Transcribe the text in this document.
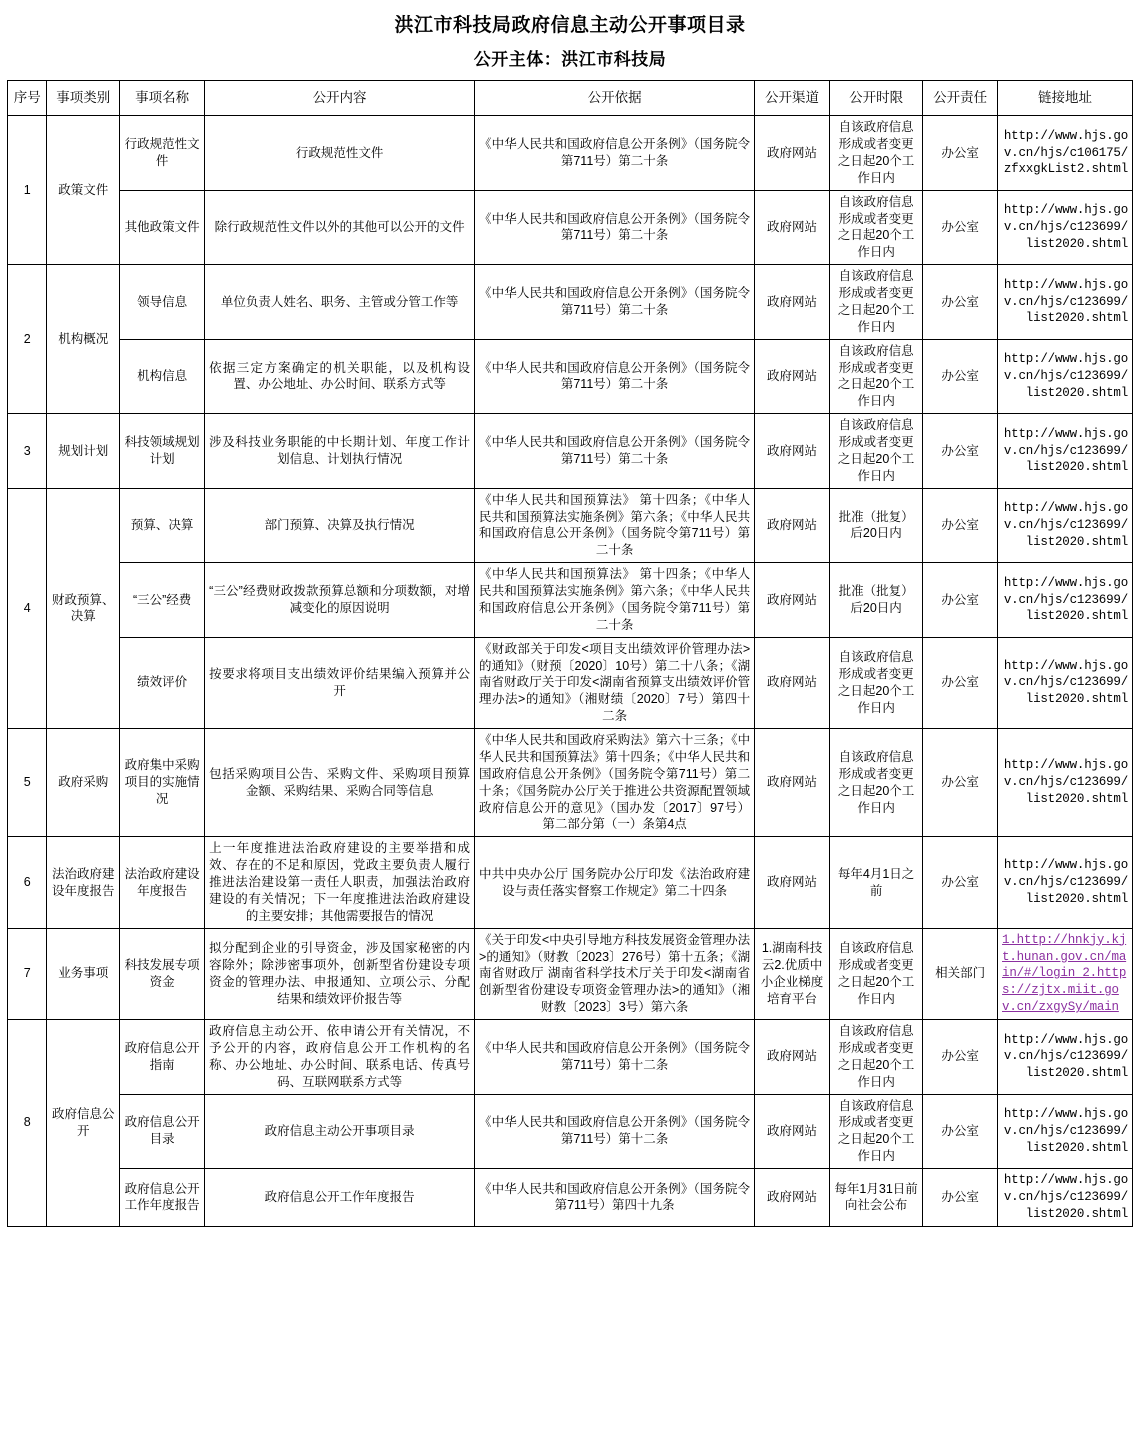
洪江市科技局政府信息主动公开事项目录
公开主体：洪江市科技局
序号	事项类别	事项名称	公开内容	公开依据	公开渠道	公开时限	公开责任	链接地址
1	政策文件	行政规范性文件	行政规范性文件	《中华人民共和国政府信息公开条例》（国务院令第711号）第二十条	政府网站	自该政府信息形成或者变更之日起20个工作日内	办公室	http://www.hjs.gov.cn/hjs/c106175/zfxxgkList2.shtml
		其他政策文件	除行政规范性文件以外的其他可以公开的文件	《中华人民共和国政府信息公开条例》（国务院令第711号）第二十条	政府网站	自该政府信息形成或者变更之日起20个工作日内	办公室	http://www.hjs.gov.cn/hjs/c123699/list2020.shtml
2	机构概况	领导信息	单位负责人姓名、职务、主管或分管工作等	《中华人民共和国政府信息公开条例》（国务院令第711号）第二十条	政府网站	自该政府信息形成或者变更之日起20个工作日内	办公室	http://www.hjs.gov.cn/hjs/c123699/list2020.shtml
		机构信息	依据三定方案确定的机关职能，以及机构设置、办公地址、办公时间、联系方式等	《中华人民共和国政府信息公开条例》（国务院令第711号）第二十条	政府网站	自该政府信息形成或者变更之日起20个工作日内	办公室	http://www.hjs.gov.cn/hjs/c123699/list2020.shtml
3	规划计划	科技领域规划计划	涉及科技业务职能的中长期计划、年度工作计划信息、计划执行情况	《中华人民共和国政府信息公开条例》（国务院令第711号）第二十条	政府网站	自该政府信息形成或者变更之日起20个工作日内	办公室	http://www.hjs.gov.cn/hjs/c123699/list2020.shtml
4	财政预算、决算	预算、决算	部门预算、决算及执行情况	《中华人民共和国预算法》 第十四条；《中华人民共和国预算法实施条例》第六条；《中华人民共和国政府信息公开条例》（国务院令第711号）第二十条	政府网站	批准（批复）后20日内	办公室	http://www.hjs.gov.cn/hjs/c123699/list2020.shtml
		“三公”经费	“三公”经费财政拨款预算总额和分项数额，对增减变化的原因说明	《中华人民共和国预算法》 第十四条；《中华人民共和国预算法实施条例》第六条；《中华人民共和国政府信息公开条例》（国务院令第711号）第二十条	政府网站	批准（批复）后20日内	办公室	http://www.hjs.gov.cn/hjs/c123699/list2020.shtml
		绩效评价	按要求将项目支出绩效评价结果编入预算并公开	《财政部关于印发<项目支出绩效评价管理办法>的通知》（财预〔2020〕10号）第二十八条；《湖南省财政厅关于印发<湖南省预算支出绩效评价管理办法>的通知》（湘财绩〔2020〕7号）第四十二条	政府网站	自该政府信息形成或者变更之日起20个工作日内	办公室	http://www.hjs.gov.cn/hjs/c123699/list2020.shtml
5	政府采购	政府集中采购项目的实施情况	包括采购项目公告、采购文件、采购项目预算金额、采购结果、采购合同等信息	《中华人民共和国政府采购法》第六十三条；《中华人民共和国预算法》第十四条；《中华人民共和国政府信息公开条例》（国务院令第711号）第二十条；《国务院办公厅关于推进公共资源配置领域政府信息公开的意见》（国办发〔2017〕97号）第二部分第（一）条第4点	政府网站	自该政府信息形成或者变更之日起20个工作日内	办公室	http://www.hjs.gov.cn/hjs/c123699/list2020.shtml
6	法治政府建设年度报告	法治政府建设年度报告	上一年度推进法治政府建设的主要举措和成效、存在的不足和原因，党政主要负责人履行推进法治建设第一责任人职责，加强法治政府建设的有关情况；下一年度推进法治政府建设的主要安排；其他需要报告的情况	中共中央办公厅 国务院办公厅印发《法治政府建设与责任落实督察工作规定》第二十四条	政府网站	每年4月1日之前	办公室	http://www.hjs.gov.cn/hjs/c123699/list2020.shtml
7	业务事项	科技发展专项资金	拟分配到企业的引导资金，涉及国家秘密的内容除外；除涉密事项外，创新型省份建设专项资金的管理办法、申报通知、立项公示、分配结果和绩效评价报告等	《关于印发<中央引导地方科技发展资金管理办法>的通知》（财教〔2023〕276号）第十五条；《湖南省财政厅 湖南省科学技术厅关于印发<湖南省创新型省份建设专项资金管理办法>的通知》（湘财教〔2023〕3号）第六条	1.湖南科技云2.优质中小企业梯度培育平台	自该政府信息形成或者变更之日起20个工作日内	相关部门	1.http://hnkjy.kjt.hunan.gov.cn/main/#/login 2.https://zjtx.miit.gov.cn/zxgySy/main
8	政府信息公开	政府信息公开指南	政府信息主动公开、依申请公开有关情况，不予公开的内容，政府信息公开工作机构的名称、办公地址、办公时间、联系电话、传真号码、互联网联系方式等	《中华人民共和国政府信息公开条例》（国务院令第711号）第十二条	政府网站	自该政府信息形成或者变更之日起20个工作日内	办公室	http://www.hjs.gov.cn/hjs/c123699/list2020.shtml
		政府信息公开目录	政府信息主动公开事项目录	《中华人民共和国政府信息公开条例》（国务院令第711号）第十二条	政府网站	自该政府信息形成或者变更之日起20个工作日内	办公室	http://www.hjs.gov.cn/hjs/c123699/list2020.shtml
		政府信息公开工作年度报告	政府信息公开工作年度报告	《中华人民共和国政府信息公开条例》（国务院令第711号）第四十九条	政府网站	每年1月31日前向社会公布	办公室	http://www.hjs.gov.cn/hjs/c123699/list2020.shtml
